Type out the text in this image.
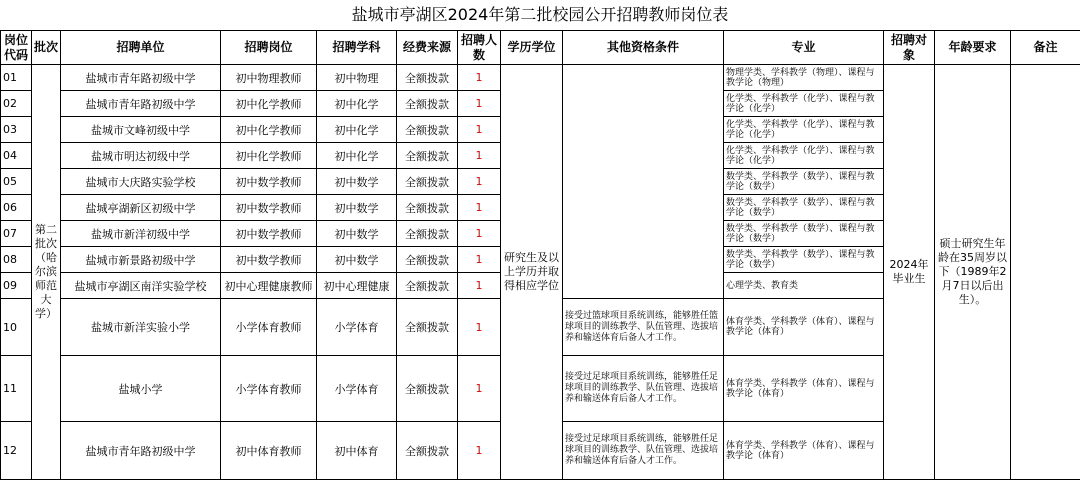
盐城市亭湖区2024年第二批校园公开招聘教师岗位表
岗位代码	批次	招聘单位	招聘岗位	招聘学科	经费来源	招聘人数	学历学位	其他资格条件	专业	招聘对象	年龄要求	备注
01	第二批次（哈尔滨师范大学）	盐城市青年路初级中学	初中物理教师	初中物理	全额拨款	1	研究生及以上学历并取得相应学位		物理学类、学科教学（物理）、课程与教学论（物理）	2024年毕业生	硕士研究生年龄在35周岁以下（1989年2月7日以后出生）。	
02		盐城市青年路初级中学	初中化学教师	初中化学	全额拨款	1			化学类、学科教学（化学）、课程与教学论（化学）			
03		盐城市文峰初级中学	初中化学教师	初中化学	全额拨款	1			化学类、学科教学（化学）、课程与教学论（化学）			
04		盐城市明达初级中学	初中化学教师	初中化学	全额拨款	1			化学类、学科教学（化学）、课程与教学论（化学）			
05		盐城市大庆路实验学校	初中数学教师	初中数学	全额拨款	1			数学类、学科教学（数学）、课程与教学论（数学）			
06		盐城亭湖新区初级中学	初中数学教师	初中数学	全额拨款	1			数学类、学科教学（数学）、课程与教学论（数学）			
07		盐城市新洋初级中学	初中数学教师	初中数学	全额拨款	1			数学类、学科教学（数学）、课程与教学论（数学）			
08		盐城市新景路初级中学	初中数学教师	初中数学	全额拨款	1			数学类、学科教学（数学）、课程与教学论（数学）			
09		盐城市亭湖区南洋实验学校	初中心理健康教师	初中心理健康	全额拨款	1			心理学类、教育类			
10		盐城市新洋实验小学	小学体育教师	小学体育	全额拨款	1		接受过篮球项目系统训练，能够胜任篮球项目的训练教学、队伍管理、选拔培养和输送体育后备人才工作。	体育学类、学科教学（体育）、课程与教学论（体育）			
11		盐城小学	小学体育教师	小学体育	全额拨款	1		接受过足球项目系统训练，能够胜任足球项目的训练教学、队伍管理、选拔培养和输送体育后备人才工作。	体育学类、学科教学（体育）、课程与教学论（体育）			
12		盐城市青年路初级中学	初中体育教师	初中体育	全额拨款	1		接受过足球项目系统训练，能够胜任足球项目的训练教学、队伍管理、选拔培养和输送体育后备人才工作。	体育学类、学科教学（体育）、课程与教学论（体育）			
